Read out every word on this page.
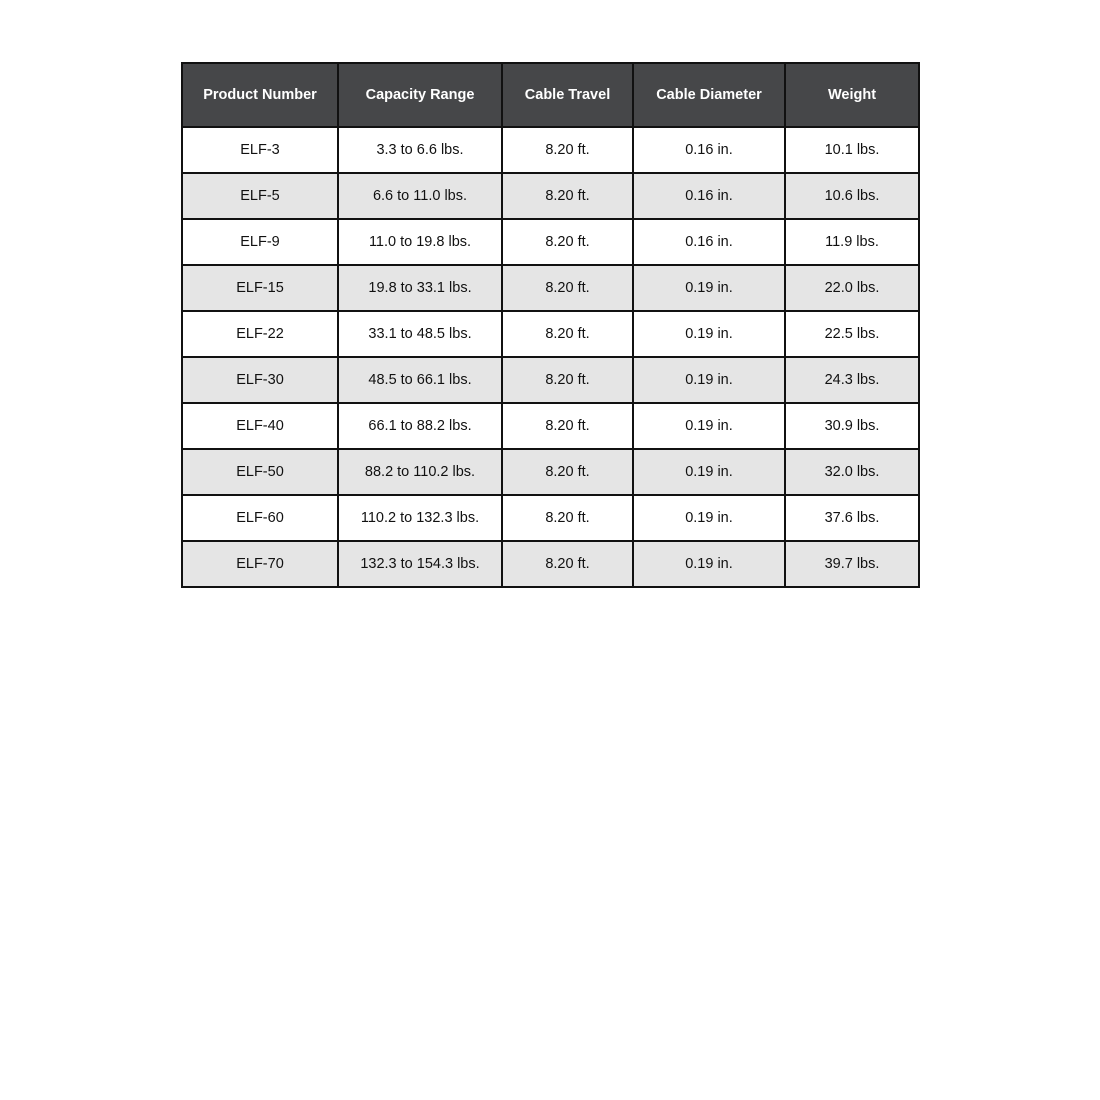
Product Number	Capacity Range	Cable Travel	Cable Diameter	Weight
ELF-3	3.3 to 6.6 lbs.	8.20 ft.	0.16 in.	10.1 lbs.
ELF-5	6.6 to 11.0 lbs.	8.20 ft.	0.16 in.	10.6 lbs.
ELF-9	11.0 to 19.8 lbs.	8.20 ft.	0.16 in.	11.9 lbs.
ELF-15	19.8 to 33.1 lbs.	8.20 ft.	0.19 in.	22.0 lbs.
ELF-22	33.1 to 48.5 lbs.	8.20 ft.	0.19 in.	22.5 lbs.
ELF-30	48.5 to 66.1 lbs.	8.20 ft.	0.19 in.	24.3 lbs.
ELF-40	66.1 to 88.2 lbs.	8.20 ft.	0.19 in.	30.9 lbs.
ELF-50	88.2 to 110.2 lbs.	8.20 ft.	0.19 in.	32.0 lbs.
ELF-60	110.2 to 132.3 lbs.	8.20 ft.	0.19 in.	37.6 lbs.
ELF-70	132.3 to 154.3 lbs.	8.20 ft.	0.19 in.	39.7 lbs.
